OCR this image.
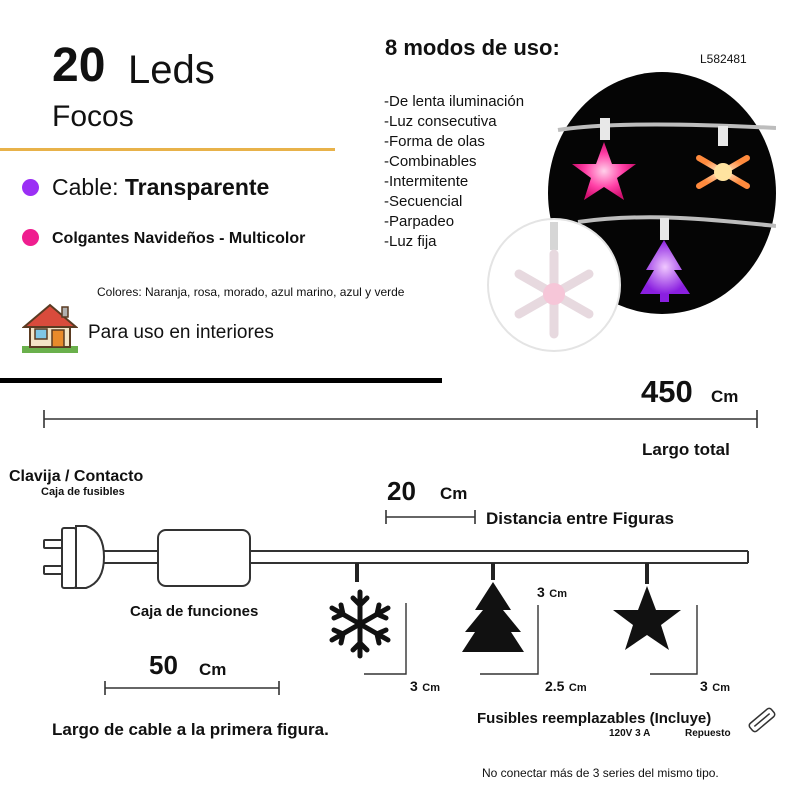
20 Leds
Focos
Cable: Transparente
Colgantes Navideños - Multicolor
Colores: Naranja, rosa, morado, azul marino, azul y verde
Para uso en interiores
8 modos de uso:	L582481
-De lenta iluminación
-Luz consecutiva
-Forma de olas
-Combinables
-Intermitente
-Secuencial
-Parpadeo
-Luz fija
450 Cm
Largo total
Clavija / Contacto
Caja de fusibles	20 Cm
Distancia entre Figuras
Caja de funciones
50 Cm
Largo de cable a la primera figura.
3 Cm
3 Cm
2.5 Cm	3 Cm
Fusibles reemplazables (Incluye)
120V 3 A	Repuesto
No conectar más de 3 series del mismo tipo.
